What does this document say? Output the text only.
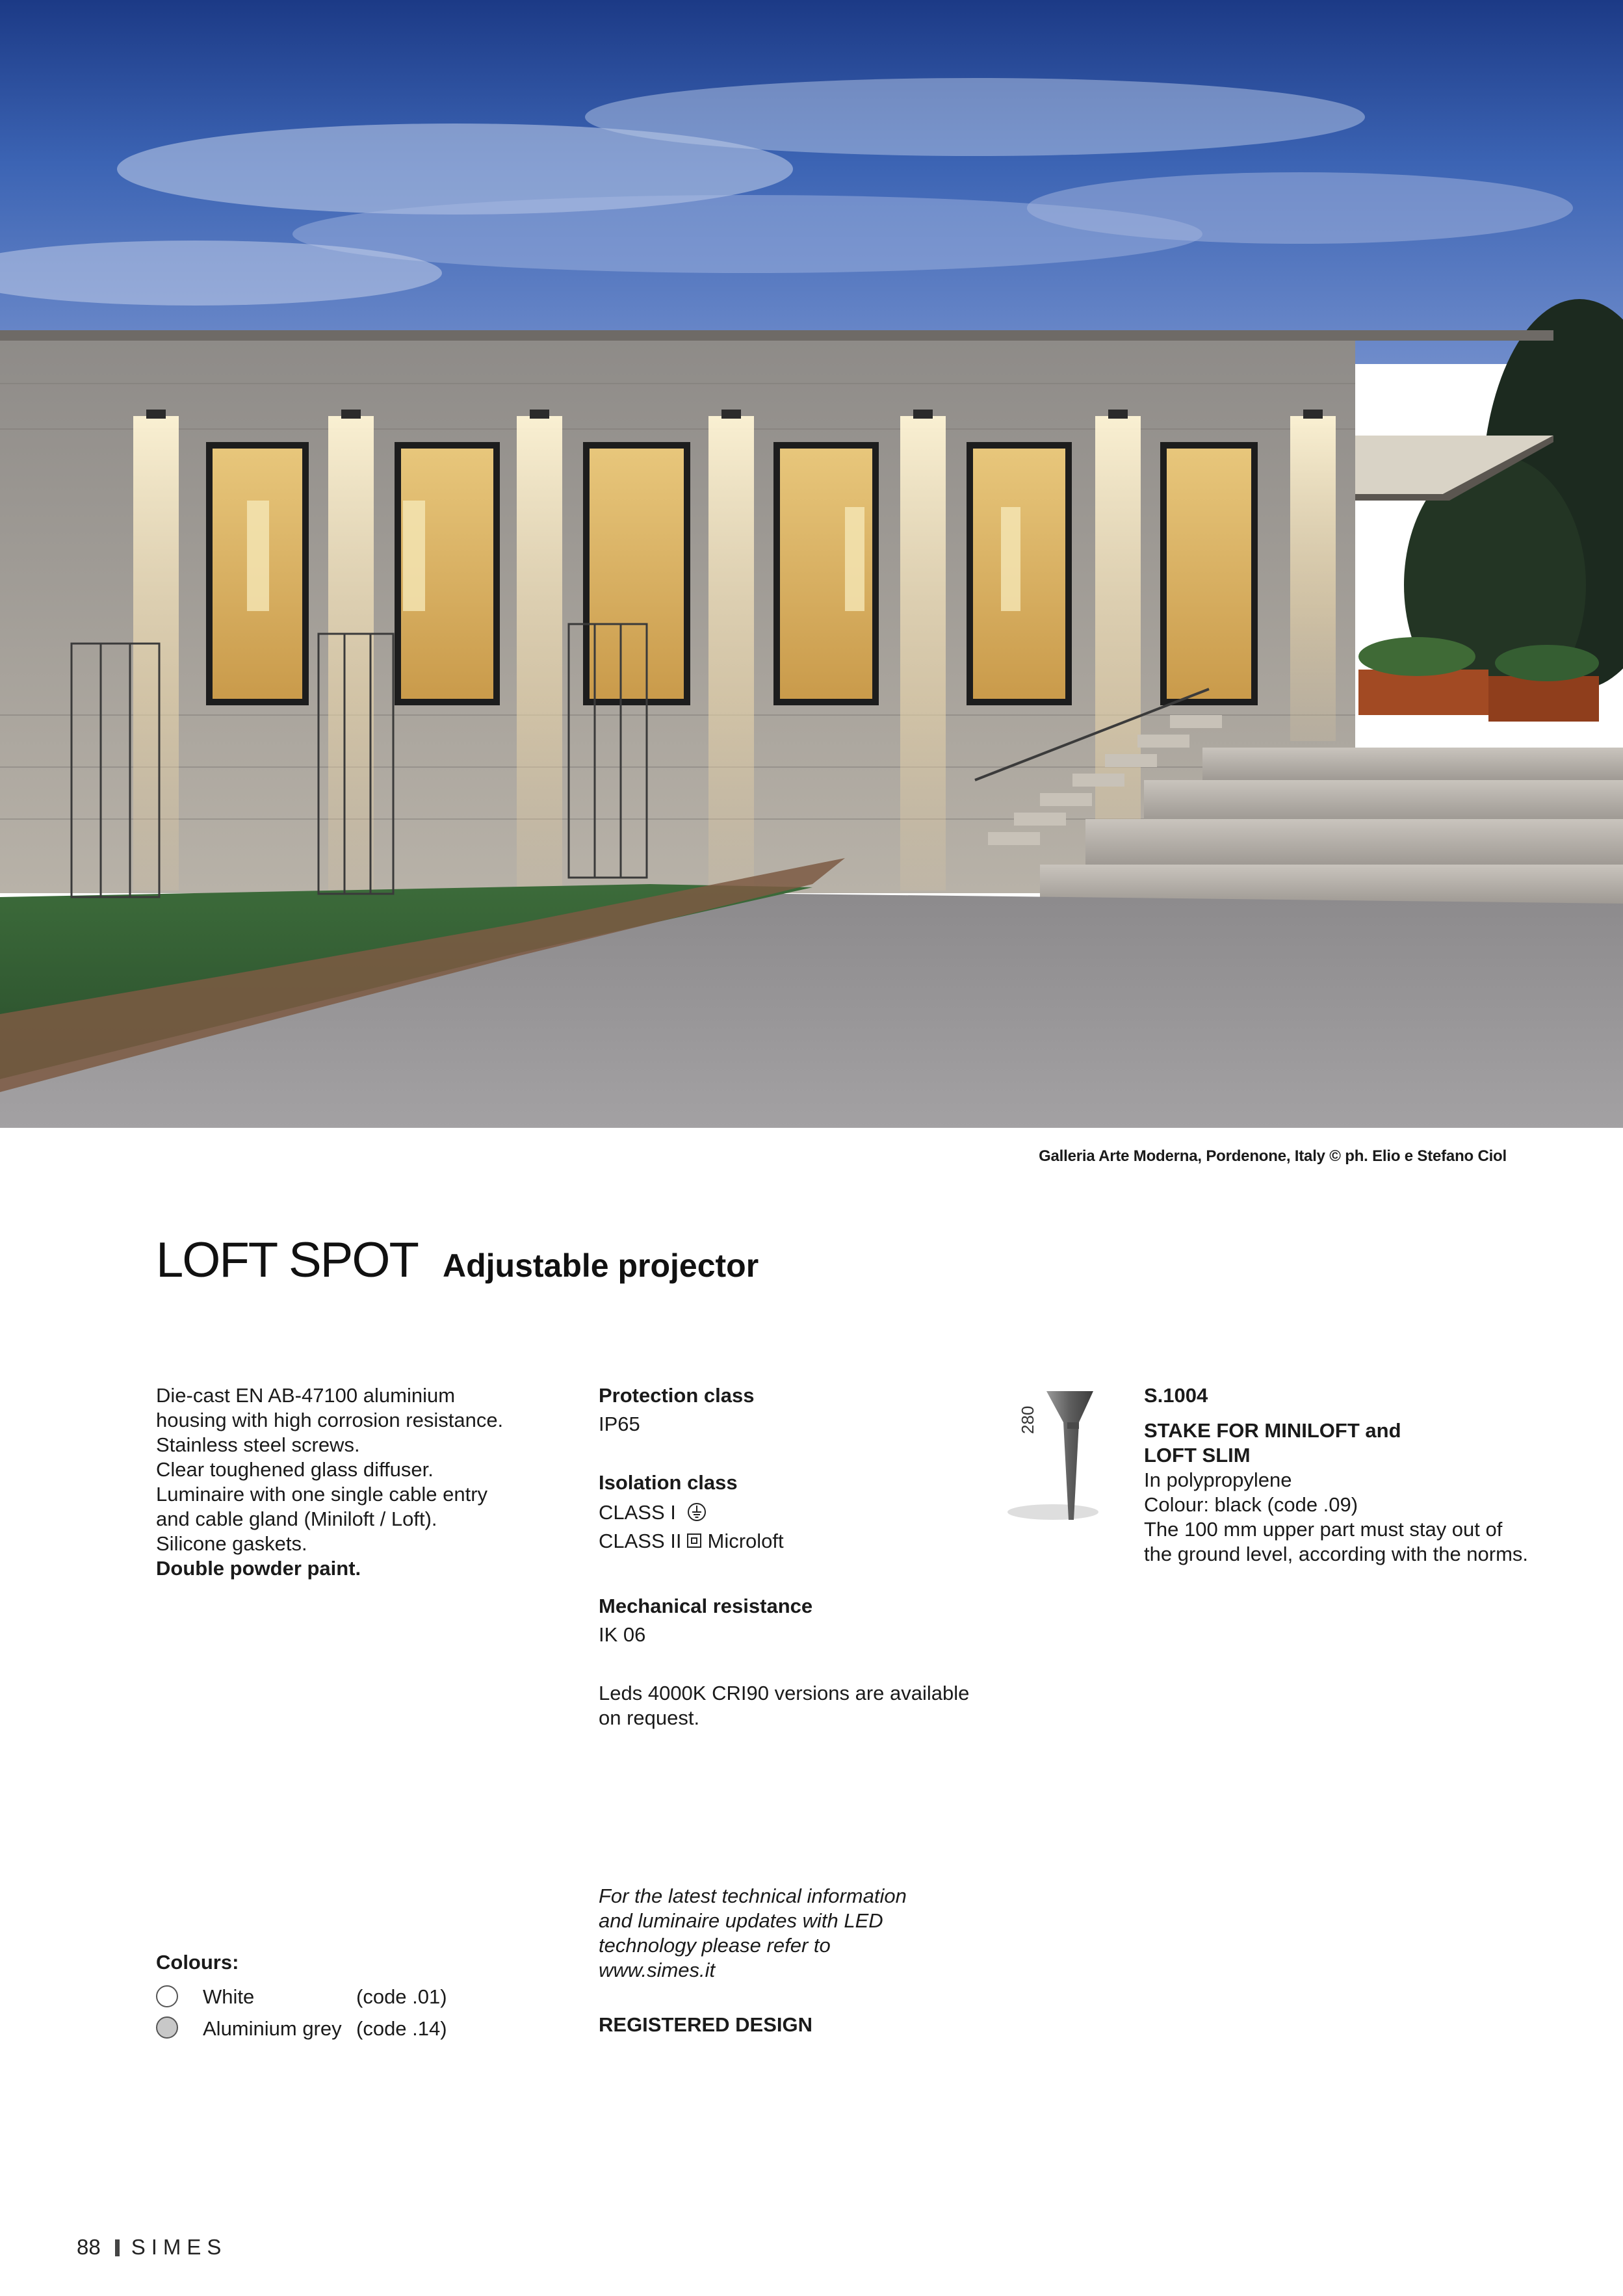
Galleria Arte Moderna, Pordenone, Italy © ph. Elio e Stefano Ciol
LOFT SPOT Adjustable projector
Die-cast EN AB-47100 aluminium
housing with high corrosion resistance.
Stainless steel screws.
Clear toughened glass diffuser.
Luminaire with one single cable entry
and cable gland (Miniloft / Loft).
Silicone gaskets.
Double powder paint.
Protection class
IP65
Isolation class
CLASS I
CLASS II Microloft
Mechanical resistance
IK 06
Leds 4000K CRI90 versions are available
on request.
For the latest technical information
and luminaire updates with LED
technology please refer to
www.simes.it
REGISTERED DESIGN
280
S.1004
STAKE FOR MINILOFT and
LOFT SLIM
In polypropylene
Colour: black (code .09)
The 100 mm upper part must stay out of
the ground level, according with the norms.
Colours:
White	(code .01)
Aluminium grey (code .14)
88 SIMES
